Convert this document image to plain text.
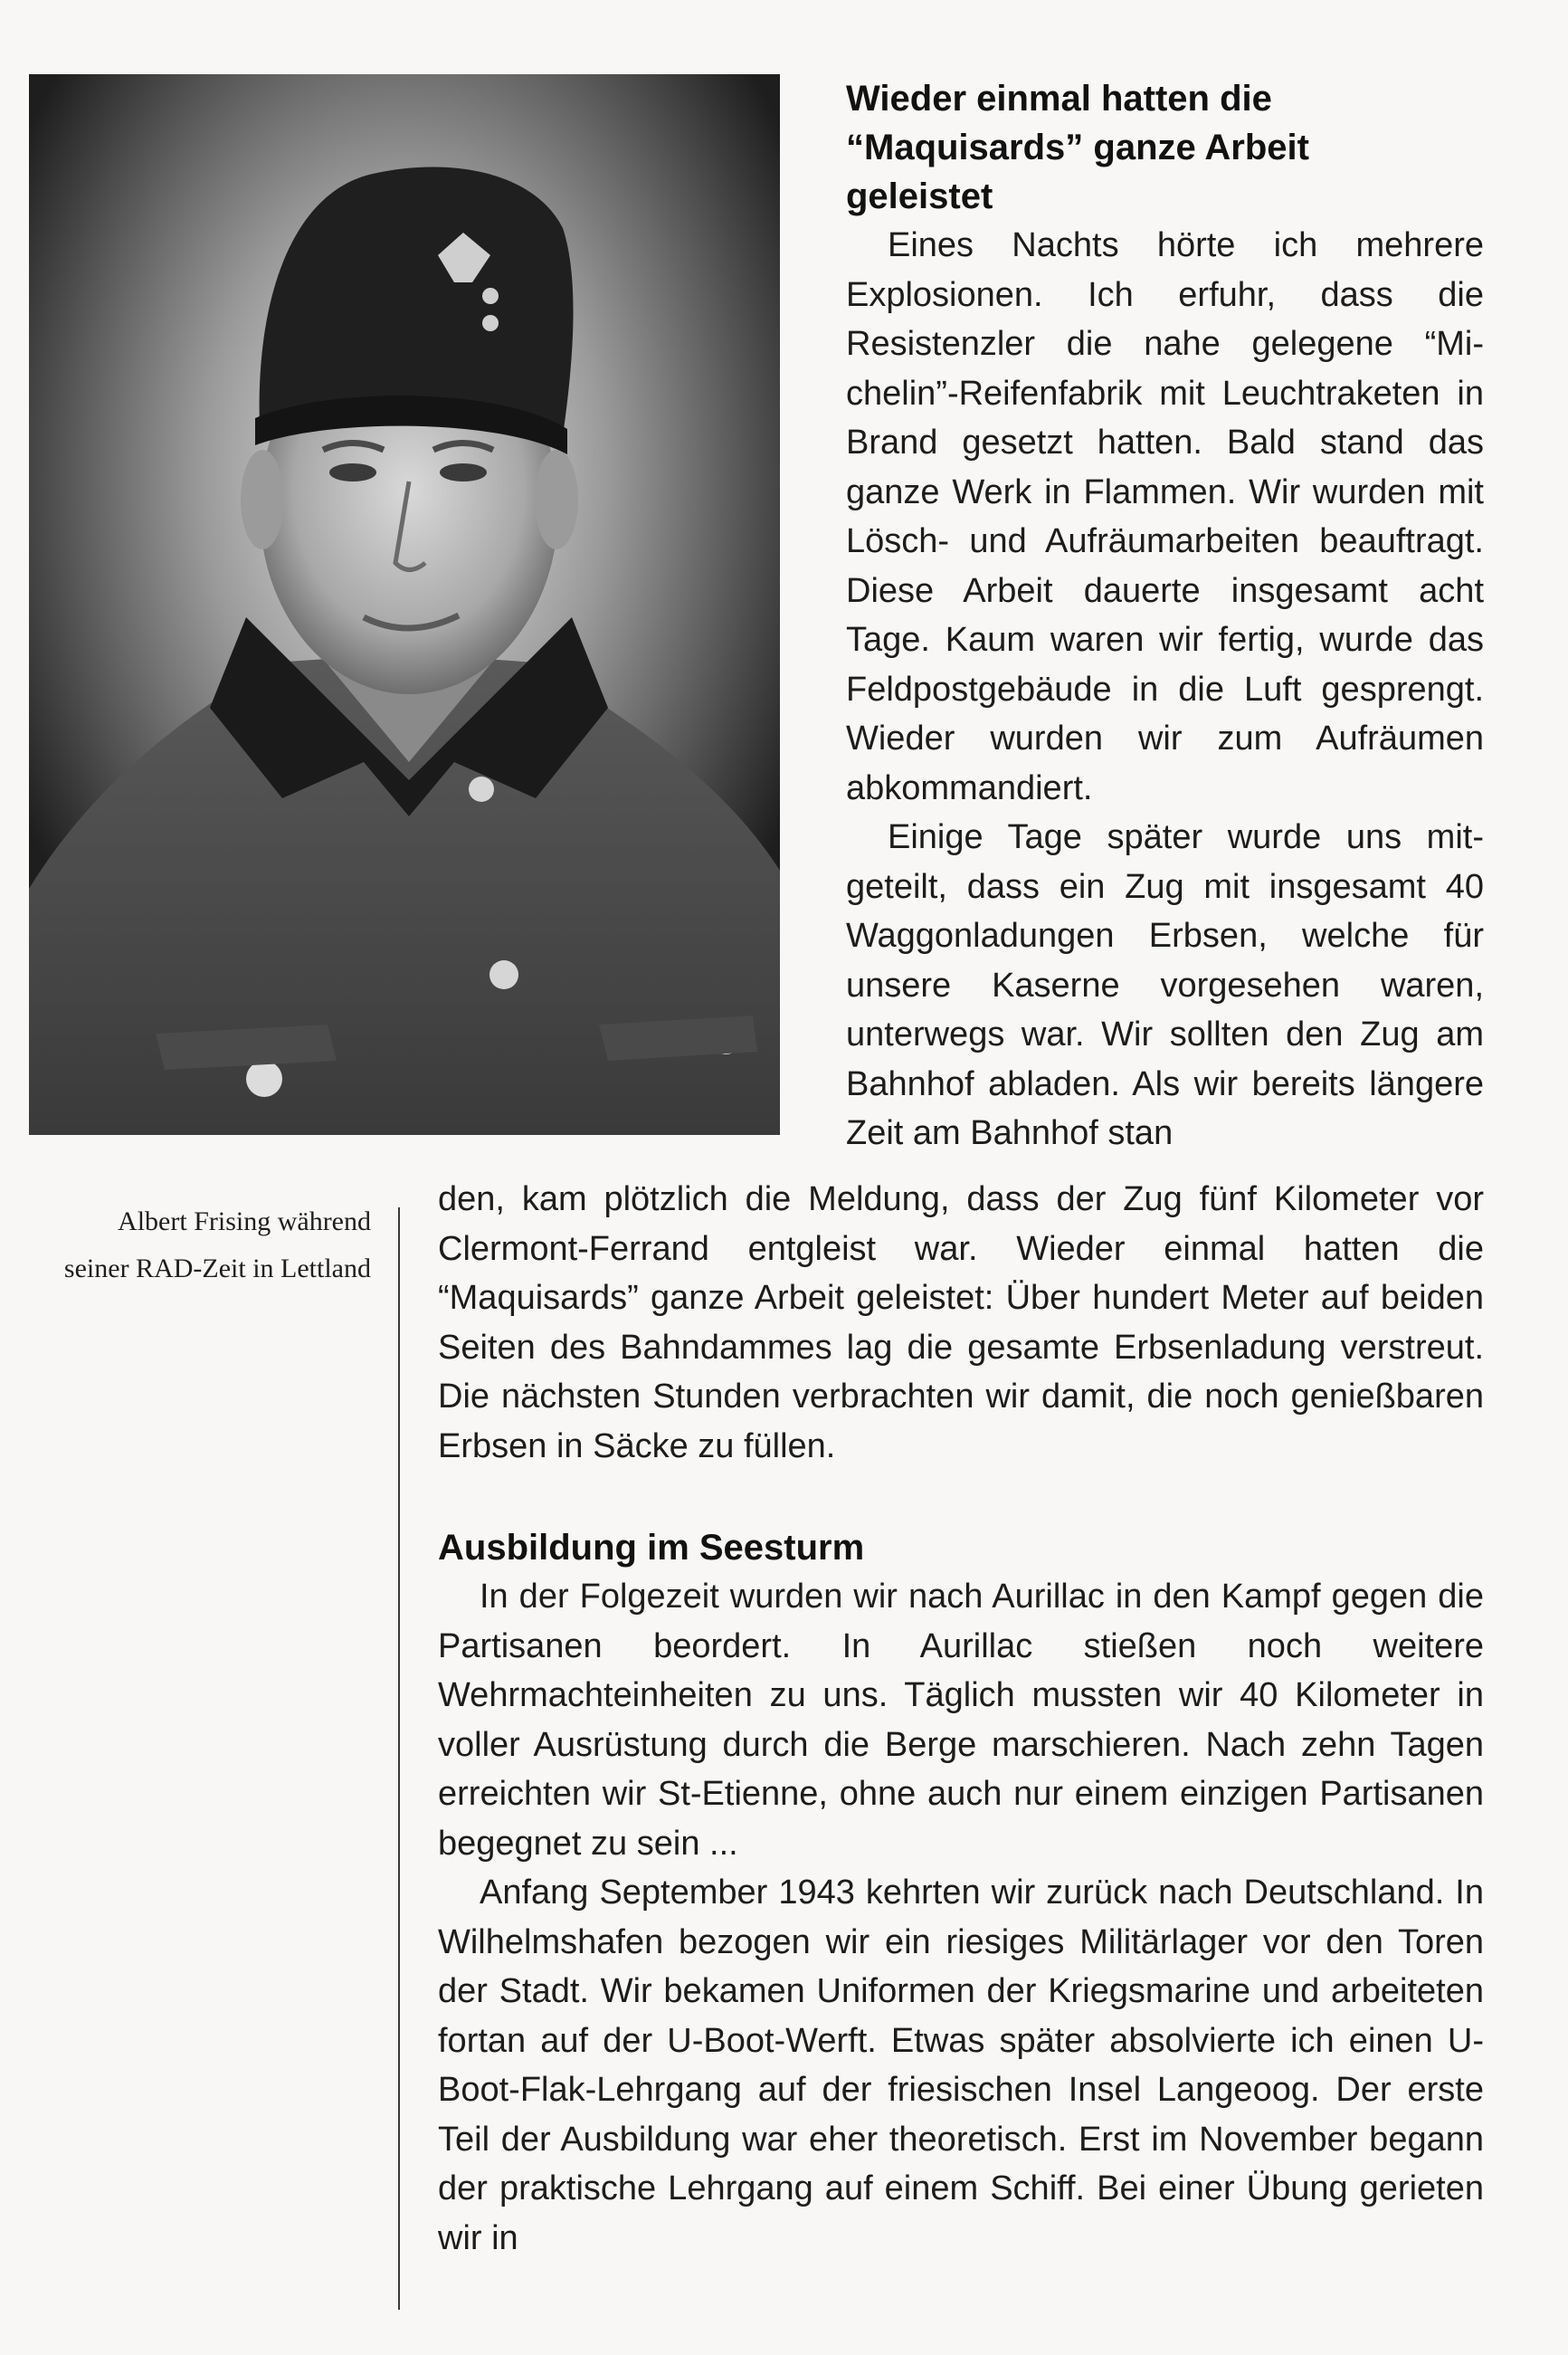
Albert Frising während
seiner RAD-Zeit in Lettland
Wieder einmal hatten die
“Maquisards” ganze Arbeit
geleistet

Eines Nachts hörte ich mehrere Explosionen. Ich erfuhr, dass die Resistenzler die nahe gelegene “Michelin”-Reifenfabrik mit Leuchtraketen in Brand gesetzt hatten. Bald stand das ganze Werk in Flammen. Wir wurden mit Lösch- und Aufräumarbeiten beauftragt. Diese Arbeit dauerte insgesamt acht Tage. Kaum waren wir fertig, wurde das Feldpostgebäude in die Luft gesprengt. Wieder wurden wir zum Aufräumen abkommandiert.

Einige Tage später wurde uns mitgeteilt, dass ein Zug mit insgesamt 40 Waggonladungen Erbsen, welche für unsere Kaserne vorgesehen waren, unterwegs war. Wir sollten den Zug am Bahnhof abladen. Als wir bereits längere Zeit am Bahnhof stan

den, kam plötzlich die Meldung, dass der Zug fünf Kilometer vor Clermont-Ferrand entgleist war. Wieder einmal hatten die “Maquisards” ganze Arbeit geleistet: Über hundert Meter auf beiden Seiten des Bahndammes lag die gesamte Erbsenladung verstreut. Die nächsten Stunden verbrachten wir damit, die noch genießbaren Erbsen in Säcke zu füllen.

Ausbildung im Seesturm

In der Folgezeit wurden wir nach Aurillac in den Kampf gegen die Partisanen beordert. In Aurillac stießen noch weitere Wehrmachteinheiten zu uns. Täglich mussten wir 40 Kilometer in voller Ausrüstung durch die Berge marschieren. Nach zehn Tagen erreichten wir St-Etienne, ohne auch nur einem einzigen Partisanen begegnet zu sein ...

Anfang September 1943 kehrten wir zurück nach Deutschland. In Wilhelmshafen bezogen wir ein riesiges Militärlager vor den Toren der Stadt. Wir bekamen Uniformen der Kriegsmarine und arbeiteten fortan auf der U-Boot-Werft. Etwas später absolvierte ich einen U-Boot-Flak-Lehrgang auf der friesischen Insel Langeoog. Der erste Teil der Ausbildung war eher theoretisch. Erst im November begann der praktische Lehrgang auf einem Schiff. Bei einer Übung gerieten wir in
